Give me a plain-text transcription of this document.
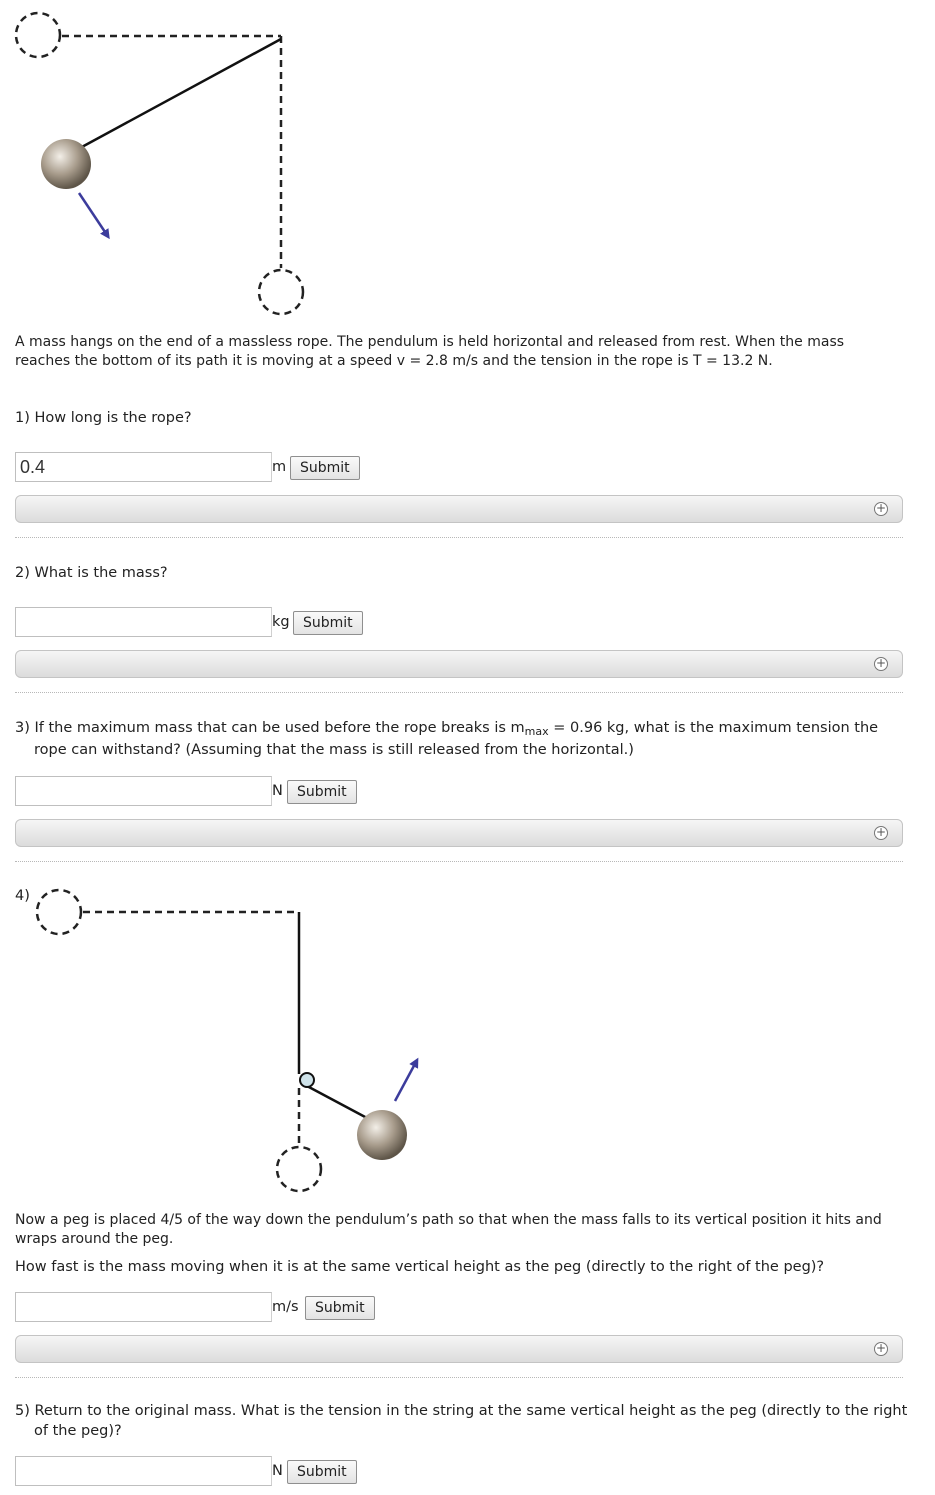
A mass hangs on the end of a massless rope. The pendulum is held horizontal and released from rest. When the mass reaches the bottom of its path it is moving at a speed v = 2.8 m/s and the tension in the rope is T = 13.2 N.
1) How long is the rope?
0.4
m Submit
+
2) What is the mass?
kg Submit
+
3) If the maximum mass that can be used before the rope breaks is $m_{max} = 0.96$ kg, what is the maximum tension the rope can withstand? (Assuming that the mass is still released from the horizontal.)
N	Submit
+
4)
Now a peg is placed 4/5 of the way down the pendulum’s path so that when the mass falls to its vertical position it hits and wraps around the peg.
How fast is the mass moving when it is at the same vertical height as the peg (directly to the right of the peg)?
m/s	Submit
+
5) Return to the original mass. What is the tension in the string at the same vertical height as the peg (directly to the right of the peg)?
N	Submit
